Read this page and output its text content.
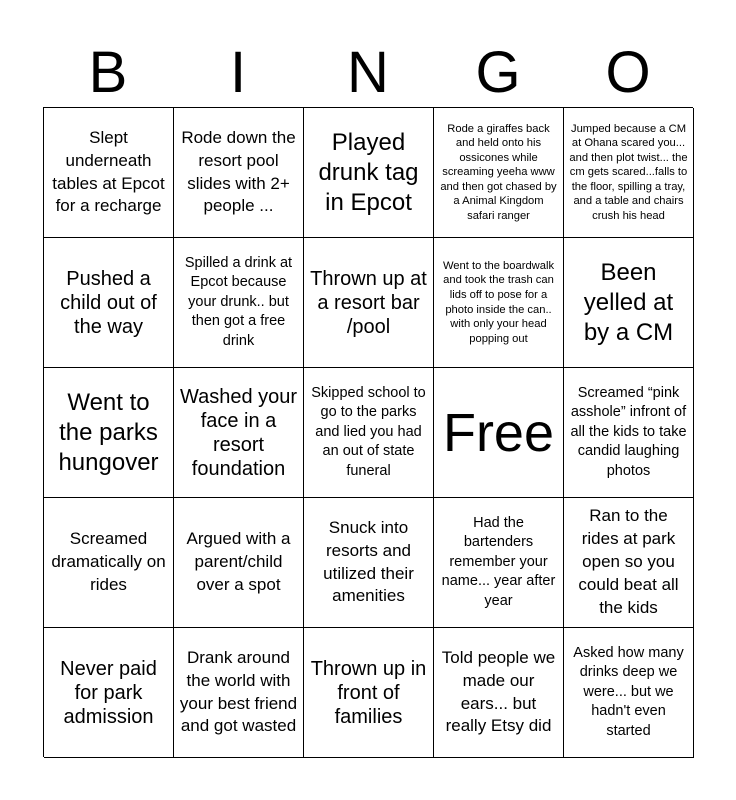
B	I	N	G	O
Slept underneath tables at Epcot for a recharge
Rode down the resort pool slides with 2+ people ...
Played drunk tag in Epcot
Rode a giraffes back and held onto his ossicones while screaming yeeha www and then got chased by a Animal Kingdom safari ranger
Jumped because a CM at Ohana scared you... and then plot twist... the cm gets scared...falls to the floor, spilling a tray, and a table and chairs crush his head
Pushed a child out of the way
Spilled a drink at Epcot because your drunk.. but then got a free drink
Thrown up at a resort bar /pool
Went to the boardwalk and took the trash can lids off to pose for a photo inside the can.. with only your head popping out
Been yelled at by a CM
Went to the parks hungover
Washed your face in a resort foundation
Skipped school to go to the parks and lied you had an out of state funeral
Free
Screamed “pink asshole” infront of all the kids to take candid laughing photos
Screamed dramatically on rides
Argued with a parent/child over a spot
Snuck into resorts and utilized their amenities
Had the bartenders remember your name... year after year
Ran to the rides at park open so you could beat all the kids
Never paid for park admission
Drank around the world with your best friend and got wasted
Thrown up in front of families
Told people we made our ears... but really Etsy did
Asked how many drinks deep we were... but we hadn't even started
